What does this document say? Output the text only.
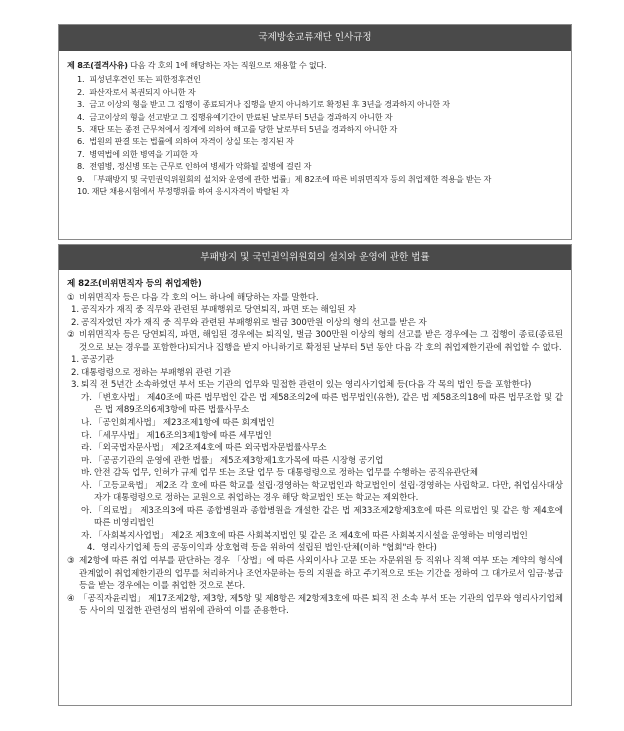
국제방송교류재단 인사규정
제 8조(결격사유) 다음 각 호의 1에 해당하는 자는 직원으로 채용할 수 없다.
1. 피성년후견인 또는 피한정후견인
2. 파산자로서 복권되지 아니한 자
3. 금고 이상의 형을 받고 그 집행이 종료되거나 집행을 받지 아니하기로 확정된 후 3년을 경과하지 아니한 자
4. 금고이상의 형을 선고받고 그 집행유예기간이 만료된 날로부터 5년을 경과하지 아니한 자
5. 재단 또는 종전 근무처에서 징계에 의하여 해고를 당한 날로부터 5년을 경과하지 아니한 자
6. 법원의 판결 또는 법률에 의하여 자격이 상실 또는 정지된 자
7. 병역법에 의한 병역을 기피한 자
8. 전염병, 정신병 또는 근무로 인하여 병세가 악화될 질병에 걸린 자
9. 「부패방지 및 국민권익위원회의 설치와 운영에 관한 법률」제 82조에 따른 비위면직자 등의 취업제한 적용을 받는 자
10. 재단 채용시험에서 부정행위를 하여 응시자격이 박탈된 자
부패방지 및 국민권익위원회의 설치와 운영에 관한 법률
제 82조(비위면직자 등의 취업제한)
① 비위면직자 등은 다음 각 호의 어느 하나에 해당하는 자를 말한다.
1. 공직자가 재직 중 직무와 관련된 부패행위로 당연퇴직, 파면 또는 해임된 자
2. 공직자였던 자가 재직 중 직무와 관련된 부패행위로 벌금 300만원 이상의 형의 선고를 받은 자
② 비위면직자 등은 당연퇴직, 파면, 해임된 경우에는 퇴직일, 벌금 300만원 이상의 형의 선고를 받은 경우에는 그 집행이 종료(종료된 것으로 보는 경우를 포함한다)되거나 집행을 받지 아니하기로 확정된 날부터 5년 동안 다음 각 호의 취업제한기관에 취업할 수 없다.
1. 공공기관
2. 대통령령으로 정하는 부패행위 관련 기관
3. 퇴직 전 5년간 소속하였던 부서 또는 기관의 업무와 밀접한 관련이 있는 영리사기업체 등(다음 각 목의 법인 등을 포함한다)
가. 「변호사법」 제40조에 따른 법무법인 같은 법 제58조의2에 따른 법무법인(유한), 같은 법 제58조의18에 따른 법무조합 및 같은 법 제89조의6제3항에 따른 법률사무소
나. 「공인회계사법」 제23조제1항에 따른 회계법인
다. 「세무사법」 제16조의3제1항에 따른 세무법인
라. 「외국법자문사법」 제2조제4호에 따른 외국법자문법률사무소
마. 「공공기관의 운영에 관한 법률」 제5조제3항제1호가목에 따른 시장형 공기업
바. 안전 감독 업무, 인허가 규제 업무 또는 조달 업무 등 대통령령으로 정하는 업무를 수행하는 공직유관단체
사. 「고등교육법」 제2조 각 호에 따른 학교를 설립·경영하는 학교법인과 학교법인이 설립·경영하는 사립학교. 다만, 취업심사대상자가 대통령령으로 정하는 교원으로 취업하는 경우 해당 학교법인 또는 학교는 제외한다.
아. 「의료법」 제3조의3에 따른 종합병원과 종합병원을 개설한 같은 법 제33조제2항제3호에 따른 의료법인 및 같은 항 제4호에 따른 비영리법인
자. 「사회복지사업법」 제2조 제3호에 따른 사회복지법인 및 같은 조 제4호에 따른 사회복지시설을 운영하는 비영리법인
4. 영리사기업체 등의 공동이익과 상호협력 등을 위하여 설립된 법인·단체(이하 "협회"라 한다)
③ 제2항에 따른 취업 여부를 판단하는 경우 「상법」에 따른 사외이사나 고문 또는 자문위원 등 직위나 직책 여부 또는 계약의 형식에 관계없이 취업제한기관의 업무를 처리하거나 조언자문하는 등의 지원을 하고 주기적으로 또는 기간을 정하여 그 대가로서 임금·봉급 등을 받는 경우에는 이를 취업한 것으로 본다.
④ 「공직자윤리법」 제17조제2항, 제3항, 제5항 및 제8항은 제2항제3호에 따른 퇴직 전 소속 부서 또는 기관의 업무와 영리사기업체 등 사이의 밀접한 관련성의 범위에 관하여 이를 준용한다.
